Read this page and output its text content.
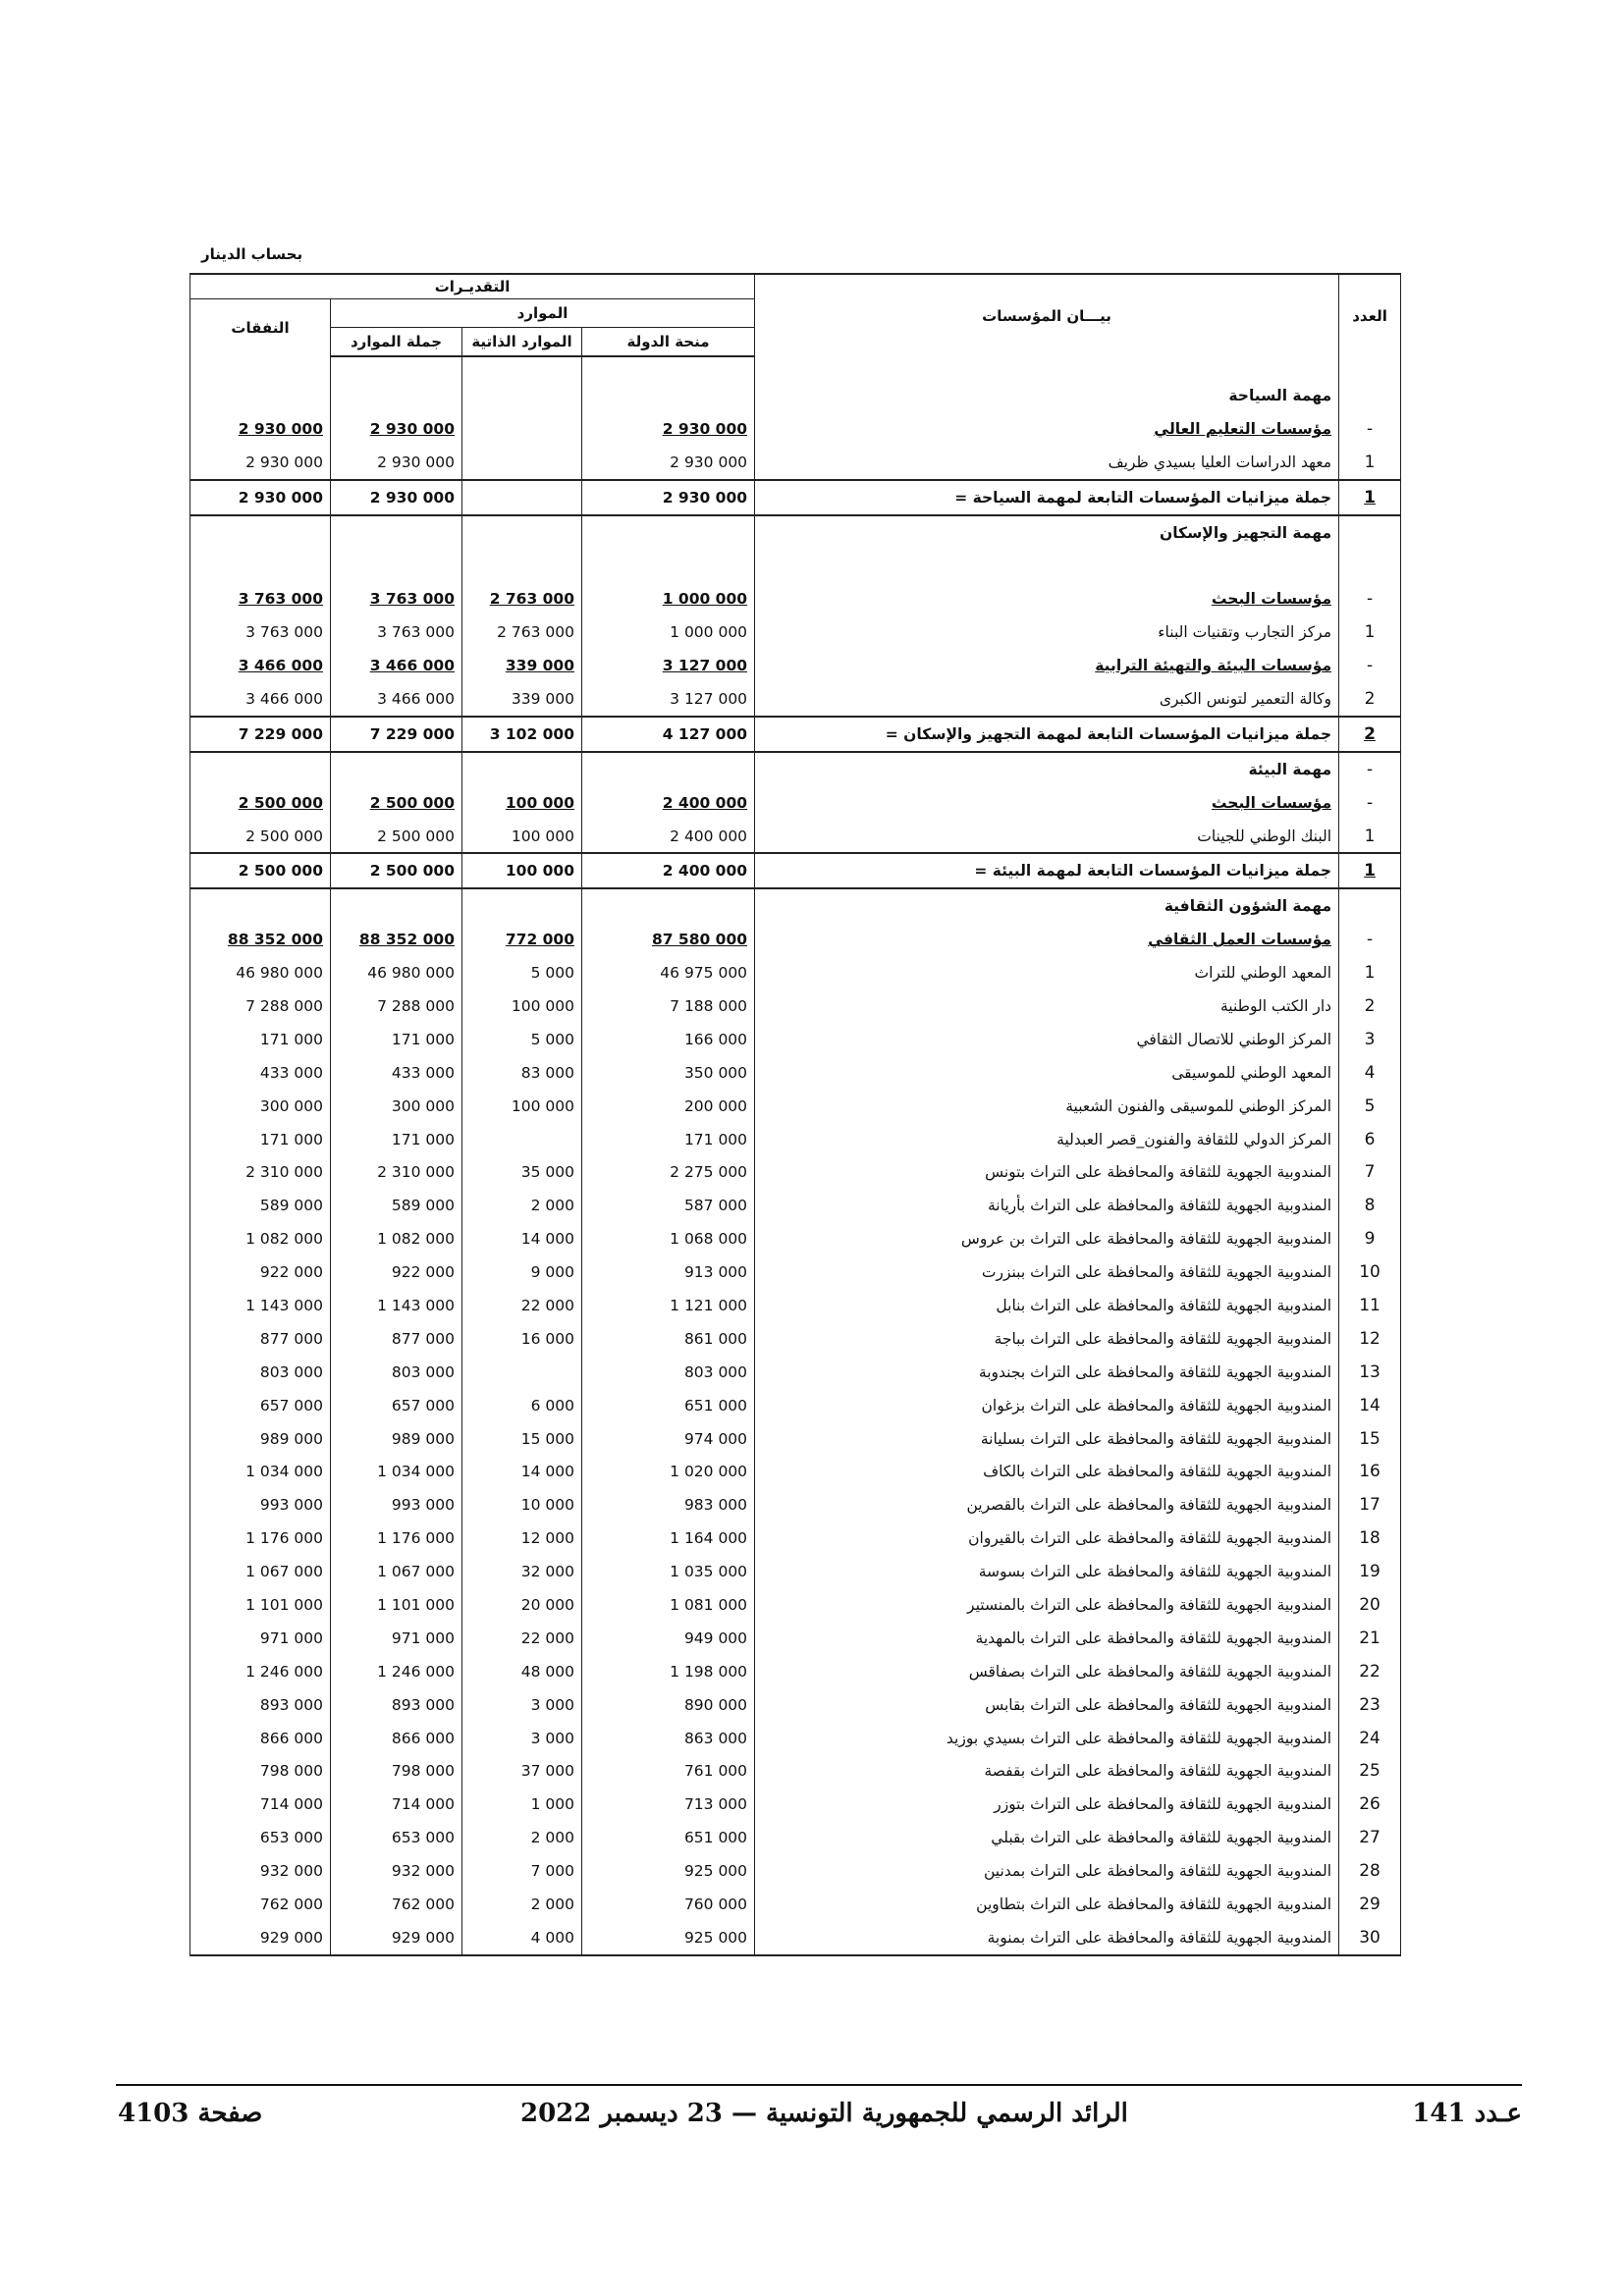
بحساب الدينار
التقديـرات				بيـــان المؤسسات	العدد
النفقات	الموارد				
	جملة الموارد	الموارد الذاتية	منحة الدولة		

				مهمة السياحة	
2 930 000	2 930 000		2 930 000	مؤسسات التعليم العالي	-
2 930 000	2 930 000		2 930 000	معهد الدراسات العليا بسيدي ظريف	1
2 930 000	2 930 000		2 930 000	جملة ميزانيات المؤسسات التابعة لمهمة السياحة =	1
				مهمة التجهيز والإسكان	

3 763 000	3 763 000	2 763 000	1 000 000	مؤسسات البحث	-
3 763 000	3 763 000	2 763 000	1 000 000	مركز التجارب وتقنيات البناء	1
3 466 000	3 466 000	339 000	3 127 000	مؤسسات البيئة والتهيئة الترابية	-
3 466 000	3 466 000	339 000	3 127 000	وكالة التعمير لتونس الكبرى	2
7 229 000	7 229 000	3 102 000	4 127 000	جملة ميزانيات المؤسسات التابعة لمهمة التجهيز والإسكان =	2
				مهمة البيئة	-
2 500 000	2 500 000	100 000	2 400 000	مؤسسات البحث	-
2 500 000	2 500 000	100 000	2 400 000	البنك الوطني للجينات	1
2 500 000	2 500 000	100 000	2 400 000	جملة ميزانيات المؤسسات التابعة لمهمة البيئة =	1
				مهمة الشؤون الثقافية	
88 352 000	88 352 000	772 000	87 580 000	مؤسسات العمل الثقافي	-
46 980 000	46 980 000	5 000	46 975 000	المعهد الوطني للتراث	1
7 288 000	7 288 000	100 000	7 188 000	دار الكتب الوطنية	2
171 000	171 000	5 000	166 000	المركز الوطني للاتصال الثقافي	3
433 000	433 000	83 000	350 000	المعهد الوطني للموسيقى	4
300 000	300 000	100 000	200 000	المركز الوطني للموسيقى والفنون الشعبية	5
171 000	171 000		171 000	المركز الدولي للثقافة والفنون_قصر العبدلية	6
2 310 000	2 310 000	35 000	2 275 000	المندوبية الجهوية للثقافة والمحافظة على التراث بتونس	7
589 000	589 000	2 000	587 000	المندوبية الجهوية للثقافة والمحافظة على التراث بأريانة	8
1 082 000	1 082 000	14 000	1 068 000	المندوبية الجهوية للثقافة والمحافظة على التراث بن عروس	9
922 000	922 000	9 000	913 000	المندوبية الجهوية للثقافة والمحافظة على التراث ببنزرت	10
1 143 000	1 143 000	22 000	1 121 000	المندوبية الجهوية للثقافة والمحافظة على التراث بنابل	11
877 000	877 000	16 000	861 000	المندوبية الجهوية للثقافة والمحافظة على التراث بباجة	12
803 000	803 000		803 000	المندوبية الجهوية للثقافة والمحافظة على التراث بجندوبة	13
657 000	657 000	6 000	651 000	المندوبية الجهوية للثقافة والمحافظة على التراث بزغوان	14
989 000	989 000	15 000	974 000	المندوبية الجهوية للثقافة والمحافظة على التراث بسليانة	15
1 034 000	1 034 000	14 000	1 020 000	المندوبية الجهوية للثقافة والمحافظة على التراث بالكاف	16
993 000	993 000	10 000	983 000	المندوبية الجهوية للثقافة والمحافظة على التراث بالقصرين	17
1 176 000	1 176 000	12 000	1 164 000	المندوبية الجهوية للثقافة والمحافظة على التراث بالقيروان	18
1 067 000	1 067 000	32 000	1 035 000	المندوبية الجهوية للثقافة والمحافظة على التراث بسوسة	19
1 101 000	1 101 000	20 000	1 081 000	المندوبية الجهوية للثقافة والمحافظة على التراث بالمنستير	20
971 000	971 000	22 000	949 000	المندوبية الجهوية للثقافة والمحافظة على التراث بالمهدية	21
1 246 000	1 246 000	48 000	1 198 000	المندوبية الجهوية للثقافة والمحافظة على التراث بصفاقس	22
893 000	893 000	3 000	890 000	المندوبية الجهوية للثقافة والمحافظة على التراث بقابس	23
866 000	866 000	3 000	863 000	المندوبية الجهوية للثقافة والمحافظة على التراث بسيدي بوزيد	24
798 000	798 000	37 000	761 000	المندوبية الجهوية للثقافة والمحافظة على التراث بقفصة	25
714 000	714 000	1 000	713 000	المندوبية الجهوية للثقافة والمحافظة على التراث بتوزر	26
653 000	653 000	2 000	651 000	المندوبية الجهوية للثقافة والمحافظة على التراث بقبلي	27
932 000	932 000	7 000	925 000	المندوبية الجهوية للثقافة والمحافظة على التراث بمدنين	28
762 000	762 000	2 000	760 000	المندوبية الجهوية للثقافة والمحافظة على التراث بتطاوين	29
929 000	929 000	4 000	925 000	المندوبية الجهوية للثقافة والمحافظة على التراث بمنوبة	30
عـدد 141
الرائد الرسمي للجمهورية التونسية — 23 ديسمبر 2022
صفحة 4103
